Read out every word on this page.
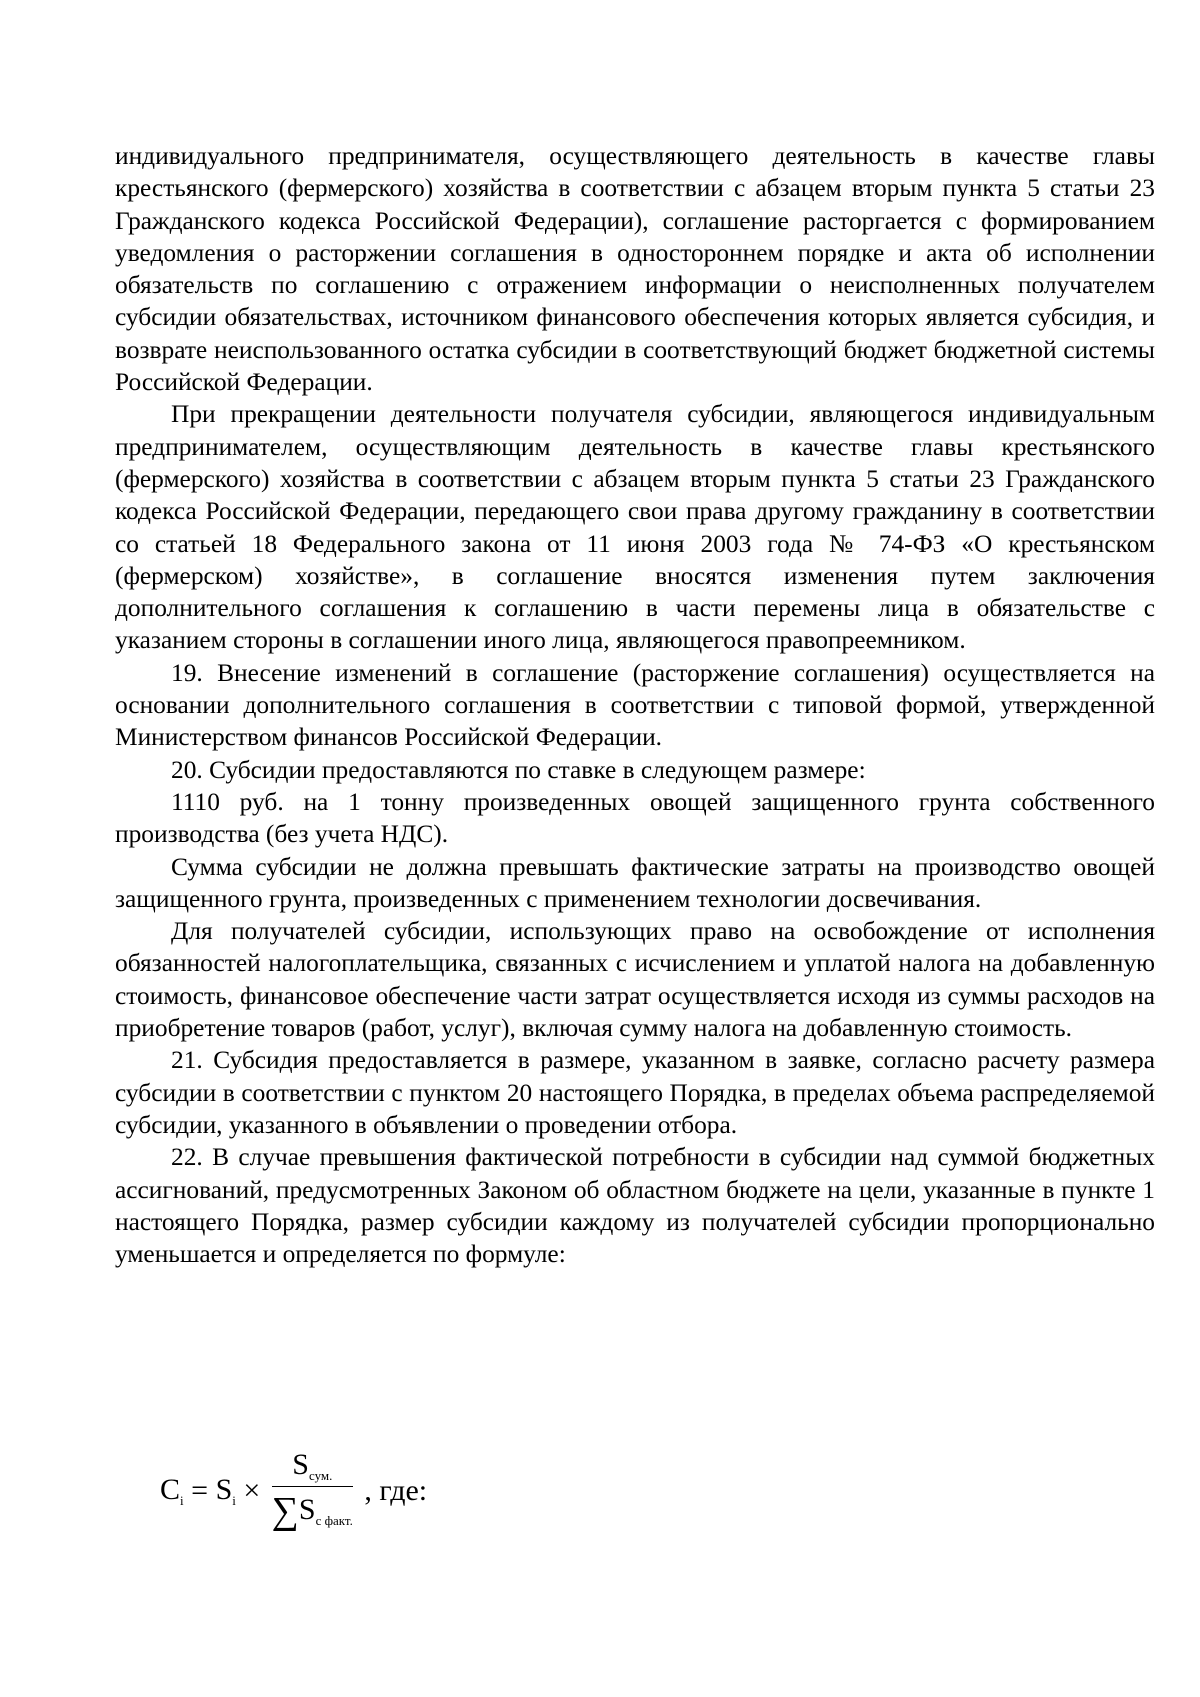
индивидуального предпринимателя, осуществляющего деятельность в качестве главы крестьянского (фермерского) хозяйства в соответствии с абзацем вторым пункта 5 статьи 23 Гражданского кодекса Российской Федерации), соглашение расторгается с формированием уведомления о расторжении соглашения в одностороннем порядке и акта об исполнении обязательств по соглашению с отражением информации о неисполненных получателем субсидии обязательствах, источником финансового обеспечения которых является субсидия, и возврате неиспользованного остатка субсидии в соответствующий бюджет бюджетной системы Российской Федерации.

При прекращении деятельности получателя субсидии, являющегося индивидуальным предпринимателем, осуществляющим деятельность в качестве главы крестьянского (фермерского) хозяйства в соответствии с абзацем вторым пункта 5 статьи 23 Гражданского кодекса Российской Федерации, передающего свои права другому гражданину в соответствии со статьей 18 Федерального закона от 11 июня 2003 года № 74-ФЗ «О крестьянском (фермерском) хозяйстве», в соглашение вносятся изменения путем заключения дополнительного соглашения к соглашению в части перемены лица в обязательстве с указанием стороны в соглашении иного лица, являющегося правопреемником.

19. Внесение изменений в соглашение (расторжение соглашения) осуществляется на основании дополнительного соглашения в соответствии с типовой формой, утвержденной Министерством финансов Российской Федерации.

20. Субсидии предоставляются по ставке в следующем размере:

1110 руб. на 1 тонну произведенных овощей защищенного грунта собственного производства (без учета НДС).

Сумма субсидии не должна превышать фактические затраты на производство овощей защищенного грунта, произведенных с применением технологии досвечивания.

Для получателей субсидии, использующих право на освобождение от исполнения обязанностей налогоплательщика, связанных с исчислением и уплатой налога на добавленную стоимость, финансовое обеспечение части затрат осуществляется исходя из суммы расходов на приобретение товаров (работ, услуг), включая сумму налога на добавленную стоимость.

21. Субсидия предоставляется в размере, указанном в заявке, согласно расчету размера субсидии в соответствии с пунктом 20 настоящего Порядка, в пределах объема распределяемой субсидии, указанного в объявлении о проведении отбора.

22. В случае превышения фактической потребности в субсидии над суммой бюджетных ассигнований, предусмотренных Законом об областном бюджете на цели, указанные в пункте 1 настоящего Порядка, размер субсидии каждому из получателей субсидии пропорционально уменьшается и определяется по формуле:

$C_i = S_i \times \frac{S_{сум.}}{\sum S_{c факт.}}$ , где:
